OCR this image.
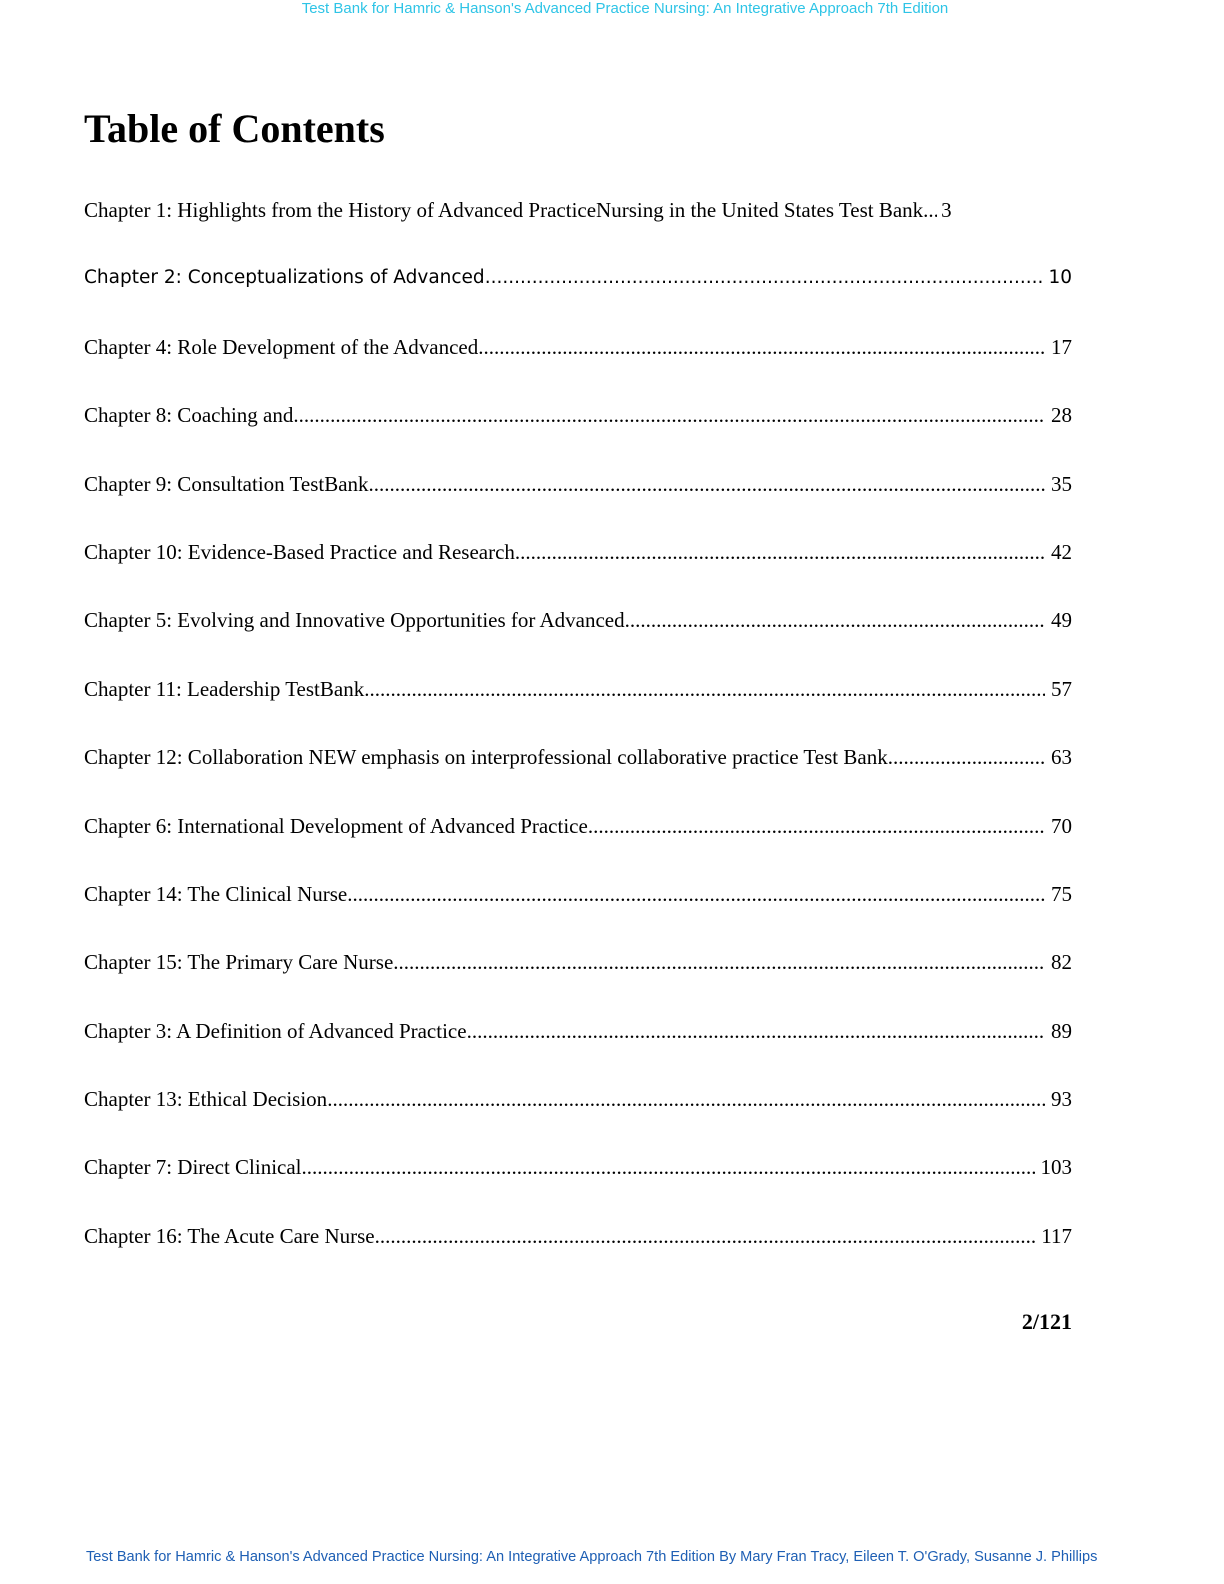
Test Bank for Hamric & Hanson's Advanced Practice Nursing: An Integrative Approach 7th Edition
Table of Contents
Chapter 1: Highlights from the History of Advanced PracticeNursing in the United States Test Bank ..... 3
Chapter 2: Conceptualizations of Advanced .....	10
Chapter 4: Role Development of the Advanced .....	17
Chapter 8: Coaching and .....	28
Chapter 9: Consultation TestBank .....	35
Chapter 10: Evidence-Based Practice and Research .....	42
Chapter 5: Evolving and Innovative Opportunities for Advanced .....	49
Chapter 11: Leadership TestBank .....	57
Chapter 12: Collaboration NEW emphasis on interprofessional collaborative practice Test Bank .....	63
Chapter 6: International Development of Advanced Practice .....	70
Chapter 14: The Clinical Nurse .....	75
Chapter 15: The Primary Care Nurse .....	82
Chapter 3: A Definition of Advanced Practice .....	89
Chapter 13: Ethical Decision .....	93
Chapter 7: Direct Clinical .....	103
Chapter 16: The Acute Care Nurse .....	117
2/121
Test Bank for Hamric & Hanson's Advanced Practice Nursing: An Integrative Approach 7th Edition By Mary Fran Tracy, Eileen T. O'Grady, Susanne J. Phillips
